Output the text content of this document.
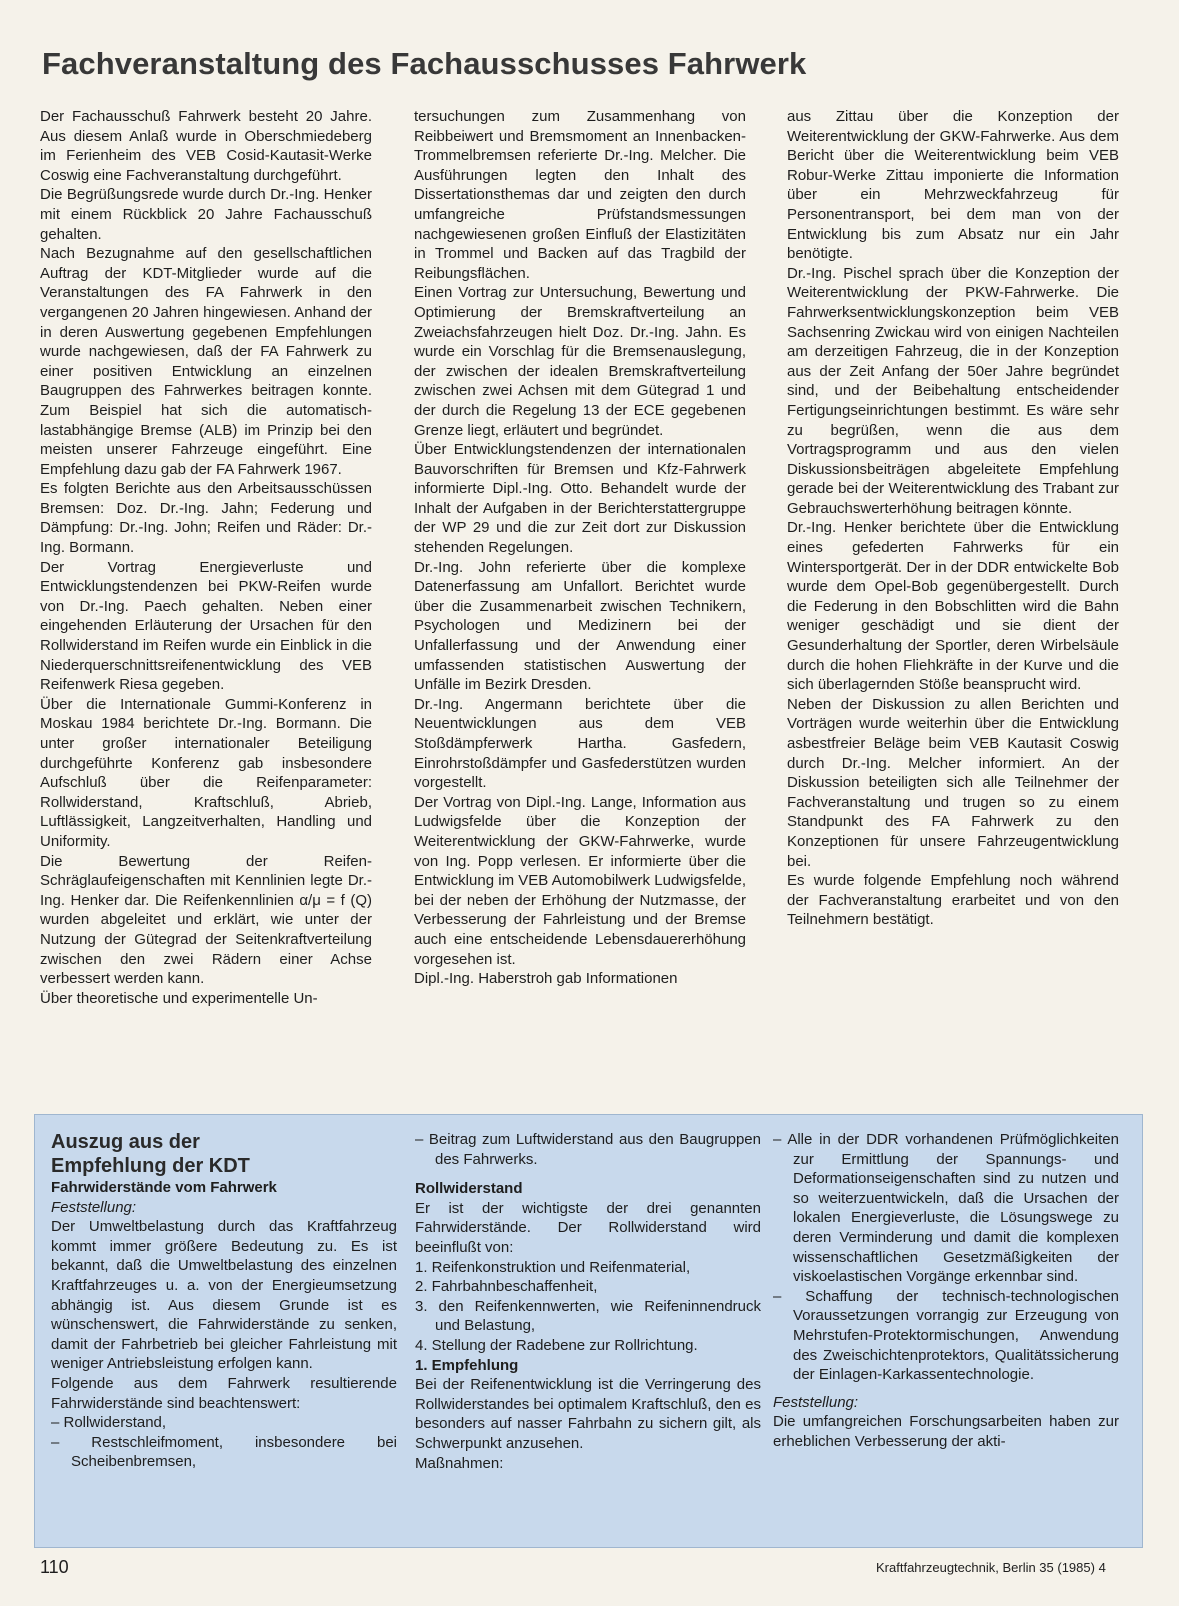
Fachveranstaltung des Fachausschusses Fahrwerk

Der Fachausschuß Fahrwerk besteht 20 Jahre. Aus diesem Anlaß wurde in Oberschmiedeberg im Ferienheim des VEB Cosid-Kautasit-Werke Coswig eine Fachveranstaltung durchgeführt.

Die Begrüßungsrede wurde durch Dr.-Ing. Henker mit einem Rückblick 20 Jahre Fachausschuß gehalten.

Nach Bezugnahme auf den gesellschaftlichen Auftrag der KDT-Mitglieder wurde auf die Veranstaltungen des FA Fahrwerk in den vergangenen 20 Jahren hingewiesen. Anhand der in deren Auswertung gegebenen Empfehlungen wurde nachgewiesen, daß der FA Fahrwerk zu einer positiven Entwicklung an einzelnen Baugruppen des Fahrwerkes beitragen konnte. Zum Beispiel hat sich die automatisch-lastabhängige Bremse (ALB) im Prinzip bei den meisten unserer Fahrzeuge eingeführt. Eine Empfehlung dazu gab der FA Fahrwerk 1967.

Es folgten Berichte aus den Arbeitsausschüssen Bremsen: Doz. Dr.-Ing. Jahn; Federung und Dämpfung: Dr.-Ing. John; Reifen und Räder: Dr.-Ing. Bormann.

Der Vortrag Energieverluste und Entwicklungstendenzen bei PKW-Reifen wurde von Dr.-Ing. Paech gehalten. Neben einer eingehenden Erläuterung der Ursachen für den Rollwiderstand im Reifen wurde ein Einblick in die Niederquerschnittsreifenentwicklung des VEB Reifenwerk Riesa gegeben.

Über die Internationale Gummi-Konferenz in Moskau 1984 berichtete Dr.-Ing. Bormann. Die unter großer internationaler Beteiligung durchgeführte Konferenz gab insbesondere Aufschluß über die Reifenparameter: Rollwiderstand, Kraftschluß, Abrieb, Luftlässigkeit, Langzeitverhalten, Handling und Uniformity.

Die Bewertung der Reifen-Schräglaufeigenschaften mit Kennlinien legte Dr.-Ing. Henker dar. Die Reifenkennlinien α/μ = f (Q) wurden abgeleitet und erklärt, wie unter der Nutzung der Gütegrad der Seitenkraftverteilung zwischen den zwei Rädern einer Achse verbessert werden kann.

Über theoretische und experimentelle Un-

tersuchungen zum Zusammenhang von Reibbeiwert und Bremsmoment an Innenbacken-Trommelbremsen referierte Dr.-Ing. Melcher. Die Ausführungen legten den Inhalt des Dissertationsthemas dar und zeigten den durch umfangreiche Prüfstandsmessungen nachgewiesenen großen Einfluß der Elastizitäten in Trommel und Backen auf das Tragbild der Reibungsflächen.

Einen Vortrag zur Untersuchung, Bewertung und Optimierung der Bremskraftverteilung an Zweiachsfahrzeugen hielt Doz. Dr.-Ing. Jahn. Es wurde ein Vorschlag für die Bremsenauslegung, der zwischen der idealen Bremskraftverteilung zwischen zwei Achsen mit dem Gütegrad 1 und der durch die Regelung 13 der ECE gegebenen Grenze liegt, erläutert und begründet.

Über Entwicklungstendenzen der internationalen Bauvorschriften für Bremsen und Kfz-Fahrwerk informierte Dipl.-Ing. Otto. Behandelt wurde der Inhalt der Aufgaben in der Berichterstattergruppe der WP 29 und die zur Zeit dort zur Diskussion stehenden Regelungen.

Dr.-Ing. John referierte über die komplexe Datenerfassung am Unfallort. Berichtet wurde über die Zusammenarbeit zwischen Technikern, Psychologen und Medizinern bei der Unfallerfassung und der Anwendung einer umfassenden statistischen Auswertung der Unfälle im Bezirk Dresden.

Dr.-Ing. Angermann berichtete über die Neuentwicklungen aus dem VEB Stoßdämpferwerk Hartha. Gasfedern, Einrohrstoßdämpfer und Gasfederstützen wurden vorgestellt.

Der Vortrag von Dipl.-Ing. Lange, Information aus Ludwigsfelde über die Konzeption der Weiterentwicklung der GKW-Fahrwerke, wurde von Ing. Popp verlesen. Er informierte über die Entwicklung im VEB Automobilwerk Ludwigsfelde, bei der neben der Erhöhung der Nutzmasse, der Verbesserung der Fahrleistung und der Bremse auch eine entscheidende Lebensdauererhöhung vorgesehen ist.

Dipl.-Ing. Haberstroh gab Informationen

aus Zittau über die Konzeption der Weiterentwicklung der GKW-Fahrwerke. Aus dem Bericht über die Weiterentwicklung beim VEB Robur-Werke Zittau imponierte die Information über ein Mehrzweckfahrzeug für Personentransport, bei dem man von der Entwicklung bis zum Absatz nur ein Jahr benötigte.

Dr.-Ing. Pischel sprach über die Konzeption der Weiterentwicklung der PKW-Fahrwerke. Die Fahrwerksentwicklungskonzeption beim VEB Sachsenring Zwickau wird von einigen Nachteilen am derzeitigen Fahrzeug, die in der Konzeption aus der Zeit Anfang der 50er Jahre begründet sind, und der Beibehaltung entscheidender Fertigungseinrichtungen bestimmt. Es wäre sehr zu begrüßen, wenn die aus dem Vortragsprogramm und aus den vielen Diskussionsbeiträgen abgeleitete Empfehlung gerade bei der Weiterentwicklung des Trabant zur Gebrauchswerterhöhung beitragen könnte.

Dr.-Ing. Henker berichtete über die Entwicklung eines gefederten Fahrwerks für ein Wintersportgerät. Der in der DDR entwickelte Bob wurde dem Opel-Bob gegenübergestellt. Durch die Federung in den Bobschlitten wird die Bahn weniger geschädigt und sie dient der Gesunderhaltung der Sportler, deren Wirbelsäule durch die hohen Fliehkräfte in der Kurve und die sich überlagernden Stöße beansprucht wird.

Neben der Diskussion zu allen Berichten und Vorträgen wurde weiterhin über die Entwicklung asbestfreier Beläge beim VEB Kautasit Coswig durch Dr.-Ing. Melcher informiert. An der Diskussion beteiligten sich alle Teilnehmer der Fachveranstaltung und trugen so zu einem Standpunkt des FA Fahrwerk zu den Konzeptionen für unsere Fahrzeugentwicklung bei.

Es wurde folgende Empfehlung noch während der Fachveranstaltung erarbeitet und von den Teilnehmern bestätigt.

Auszug aus der
Empfehlung der KDT

Fahrwiderstände vom Fahrwerk

Feststellung:

Der Umweltbelastung durch das Kraftfahrzeug kommt immer größere Bedeutung zu. Es ist bekannt, daß die Umweltbelastung des einzelnen Kraftfahrzeuges u. a. von der Energieumsetzung abhängig ist. Aus diesem Grunde ist es wünschenswert, die Fahrwiderstände zu senken, damit der Fahrbetrieb bei gleicher Fahrleistung mit weniger Antriebsleistung erfolgen kann.

Folgende aus dem Fahrwerk resultierende Fahrwiderstände sind beachtenswert:

– Rollwiderstand,

– Restschleifmoment, insbesondere bei Scheibenbremsen,

– Beitrag zum Luftwiderstand aus den Baugruppen des Fahrwerks.

Rollwiderstand

Er ist der wichtigste der drei genannten Fahrwiderstände. Der Rollwiderstand wird beeinflußt von:

1. Reifenkonstruktion und Reifenmaterial,

2. Fahrbahnbeschaffenheit,

3. den Reifenkennwerten, wie Reifeninnendruck und Belastung,

4. Stellung der Radebene zur Rollrichtung.

1. Empfehlung

Bei der Reifenentwicklung ist die Verringerung des Rollwiderstandes bei optimalem Kraftschluß, den es besonders auf nasser Fahrbahn zu sichern gilt, als Schwerpunkt anzusehen.

Maßnahmen:

– Alle in der DDR vorhandenen Prüfmöglichkeiten zur Ermittlung der Spannungs- und Deformationseigenschaften sind zu nutzen und so weiterzuentwickeln, daß die Ursachen der lokalen Energieverluste, die Lösungswege zu deren Verminderung und damit die komplexen wissenschaftlichen Gesetzmäßigkeiten der viskoelastischen Vorgänge erkennbar sind.

– Schaffung der technisch-technologischen Voraussetzungen vorrangig zur Erzeugung von Mehrstufen-Protektormischungen, Anwendung des Zweischichtenprotektors, Qualitätssicherung der Einlagen-Karkassentechnologie.

Feststellung:

Die umfangreichen Forschungsarbeiten haben zur erheblichen Verbesserung der akti-

110	Kraftfahrzeugtechnik, Berlin 35 (1985) 4
